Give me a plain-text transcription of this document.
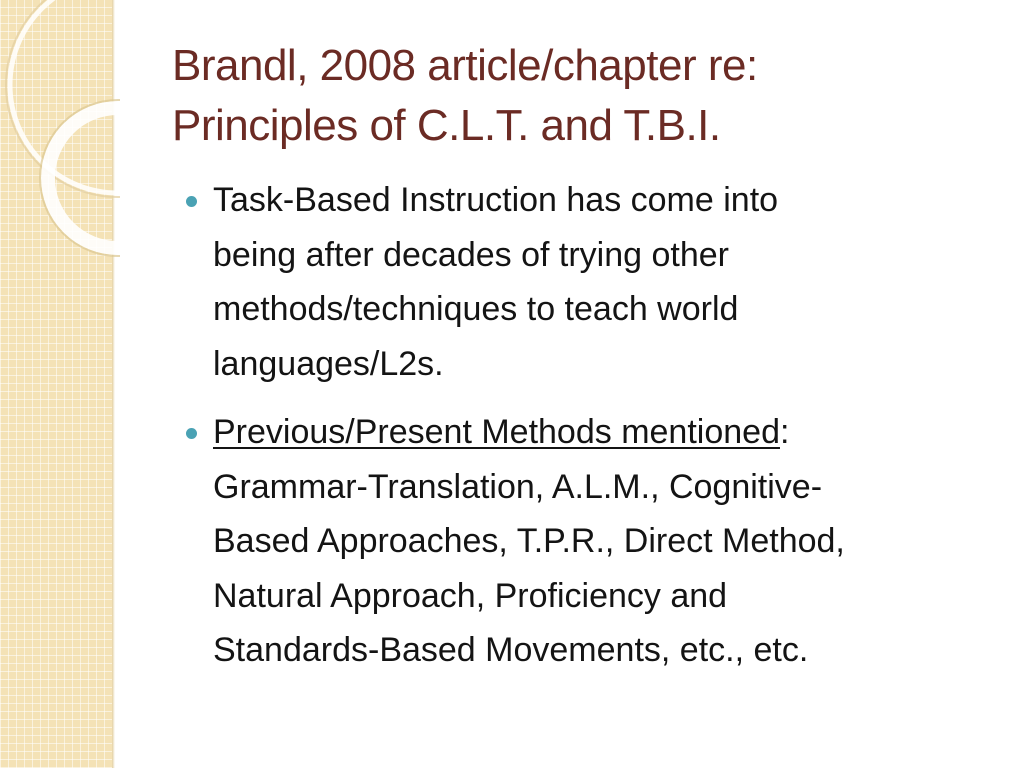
Brandl, 2008 article/chapter re:
Principles of C.L.T. and T.B.I.
Task-Based Instruction has come into
being after decades of trying other
methods/techniques to teach world
languages/L2s.
Previous/Present Methods mentioned:
Grammar-Translation, A.L.M., Cognitive-
Based Approaches, T.P.R., Direct Method,
Natural Approach, Proficiency and
Standards-Based Movements, etc., etc.
